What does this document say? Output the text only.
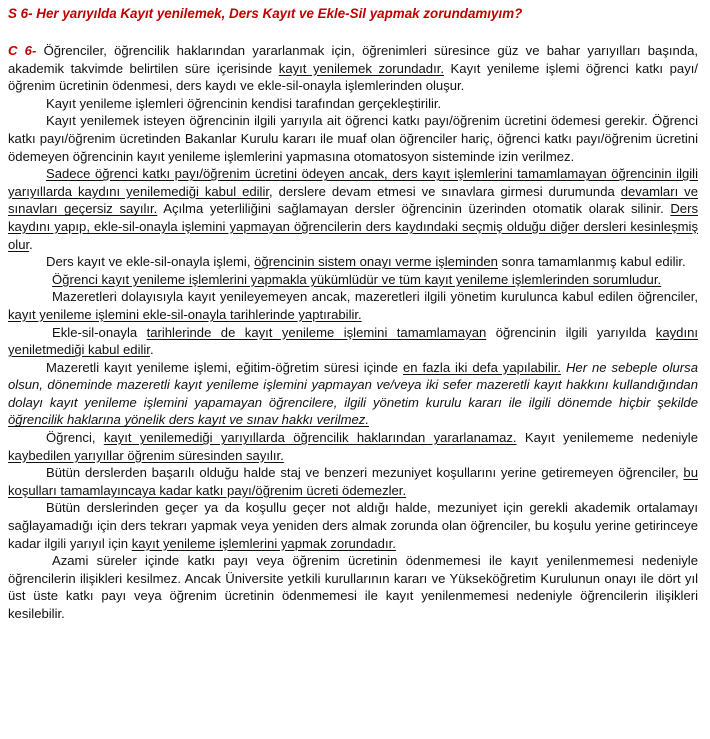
S 6- Her yarıyılda Kayıt yenilemek, Ders Kayıt ve Ekle-Sil yapmak zorundamıyım?

C 6- Öğrenciler, öğrencilik haklarından yararlanmak için, öğrenimleri süresince güz ve bahar yarıyılları başında, akademik takvimde belirtilen süre içerisinde kayıt yenilemek zorundadır. Kayıt yenileme işlemi öğrenci katkı payı/öğrenim ücretinin ödenmesi, ders kaydı ve ekle-sil-onayla işlemlerinden oluşur.

Kayıt yenileme işlemleri öğrencinin kendisi tarafından gerçekleştirilir.

Kayıt yenilemek isteyen öğrencinin ilgili yarıyıla ait öğrenci katkı payı/öğrenim ücretini ödemesi gerekir. Öğrenci katkı payı/öğrenim ücretinden Bakanlar Kurulu kararı ile muaf olan öğrenciler hariç, öğrenci katkı payı/öğrenim ücretini ödemeyen öğrencinin kayıt yenileme işlemlerini yapmasına otomatosyon sisteminde izin verilmez.

Sadece öğrenci katkı payı/öğrenim ücretini ödeyen ancak, ders kayıt işlemlerini tamamlamayan öğrencinin ilgili yarıyıllarda kaydını yenilemediği kabul edilir, derslere devam etmesi ve sınavlara girmesi durumunda devamları ve sınavları geçersiz sayılır. Açılma yeterliliğini sağlamayan dersler öğrencinin üzerinden otomatik olarak silinir. Ders kaydını yapıp, ekle-sil-onayla işlemini yapmayan öğrencilerin ders kaydındaki seçmiş olduğu diğer dersleri kesinleşmiş olur.

Ders kayıt ve ekle-sil-onayla işlemi, öğrencinin sistem onayı verme işleminden sonra tamamlanmış kabul edilir.

Öğrenci kayıt yenileme işlemlerini yapmakla yükümlüdür ve tüm kayıt yenileme işlemlerinden sorumludur.

Mazeretleri dolayısıyla kayıt yenileyemeyen ancak, mazeretleri ilgili yönetim kurulunca kabul edilen öğrenciler, kayıt yenileme işlemini ekle-sil-onayla tarihlerinde yaptırabilir.

Ekle-sil-onayla tarihlerinde de kayıt yenileme işlemini tamamlamayan öğrencinin ilgili yarıyılda kaydını yeniletmediği kabul edilir.

Mazeretli kayıt yenileme işlemi, eğitim-öğretim süresi içinde en fazla iki defa yapılabilir. Her ne sebeple olursa olsun, döneminde mazeretli kayıt yenileme işlemini yapmayan ve/veya iki sefer mazeretli kayıt hakkını kullandığından dolayı kayıt yenileme işlemini yapamayan öğrencilere, ilgili yönetim kurulu kararı ile ilgili dönemde hiçbir şekilde öğrencilik haklarına yönelik ders kayıt ve sınav hakkı verilmez.

Öğrenci, kayıt yenilemediği yarıyıllarda öğrencilik haklarından yararlanamaz. Kayıt yenilememe nedeniyle kaybedilen yarıyıllar öğrenim süresinden sayılır.

Bütün derslerden başarılı olduğu halde staj ve benzeri mezuniyet koşullarını yerine getiremeyen öğrenciler, bu koşulları tamamlayıncaya kadar katkı payı/öğrenim ücreti ödemezler.

Bütün derslerinden geçer ya da koşullu geçer not aldığı halde, mezuniyet için gerekli akademik ortalamayı sağlayamadığı için ders tekrarı yapmak veya yeniden ders almak zorunda olan öğrenciler, bu koşulu yerine getirinceye kadar ilgili yarıyıl için kayıt yenileme işlemlerini yapmak zorundadır.

Azami süreler içinde katkı payı veya öğrenim ücretinin ödenmemesi ile kayıt yenilenmemesi nedeniyle öğrencilerin ilişikleri kesilmez. Ancak Üniversite yetkili kurullarının kararı ve Yükseköğretim Kurulunun onayı ile dört yıl üst üste katkı payı veya öğrenim ücretinin ödenmemesi ile kayıt yenilenmemesi nedeniyle öğrencilerin ilişikleri kesilebilir.
